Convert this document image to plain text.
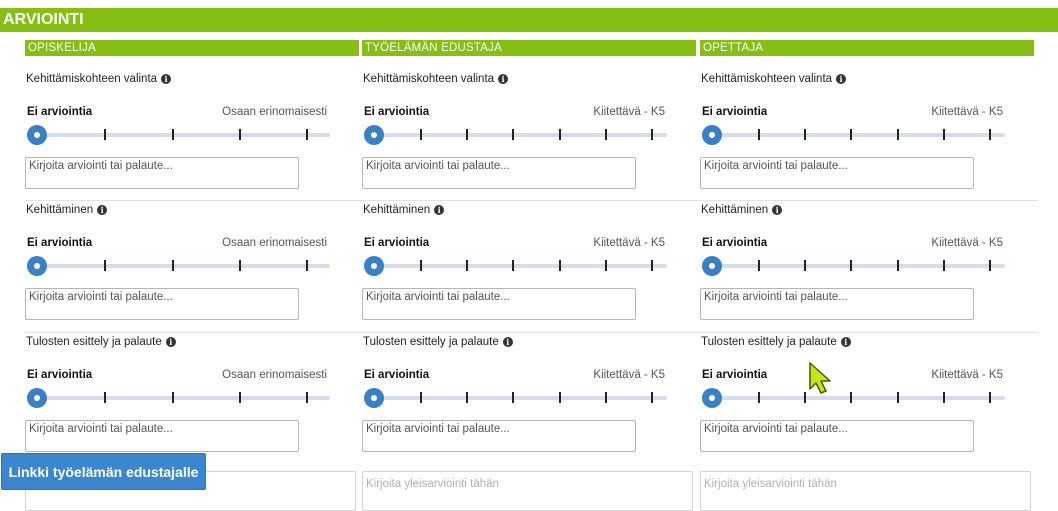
ARVIOINTI
OPISKELIJA
Kehittämiskohteen valinta i
Ei arviointia	Osaan erinomaisesti
Kirjoita arviointi tai palaute...
Kehittäminen i
Ei arviointia	Osaan erinomaisesti
Kirjoita arviointi tai palaute...
Tulosten esittely ja palaute i
Ei arviointia	Osaan erinomaisesti
Kirjoita arviointi tai palaute...
TYÖELÄMÄN EDUSTAJA
Kehittämiskohteen valinta i
Ei arviointia	Kiitettävä - K5
Kirjoita arviointi tai palaute...
Kehittäminen i
Ei arviointia	Kiitettävä - K5
Kirjoita arviointi tai palaute...
Tulosten esittely ja palaute i
Ei arviointia	Kiitettävä - K5
Kirjoita arviointi tai palaute...
OPETTAJA
Kehittämiskohteen valinta i
Ei arviointia	Kiitettävä - K5
Kirjoita arviointi tai palaute...
Kehittäminen i
Ei arviointia	Kiitettävä - K5
Kirjoita arviointi tai palaute...
Tulosten esittely ja palaute i
Ei arviointia	Kiitettävä - K5
Kirjoita arviointi tai palaute...
Kirjoita yleisarviointi tähän	Kirjoita yleisarviointi tähän
Linkki työelämän edustajalle
